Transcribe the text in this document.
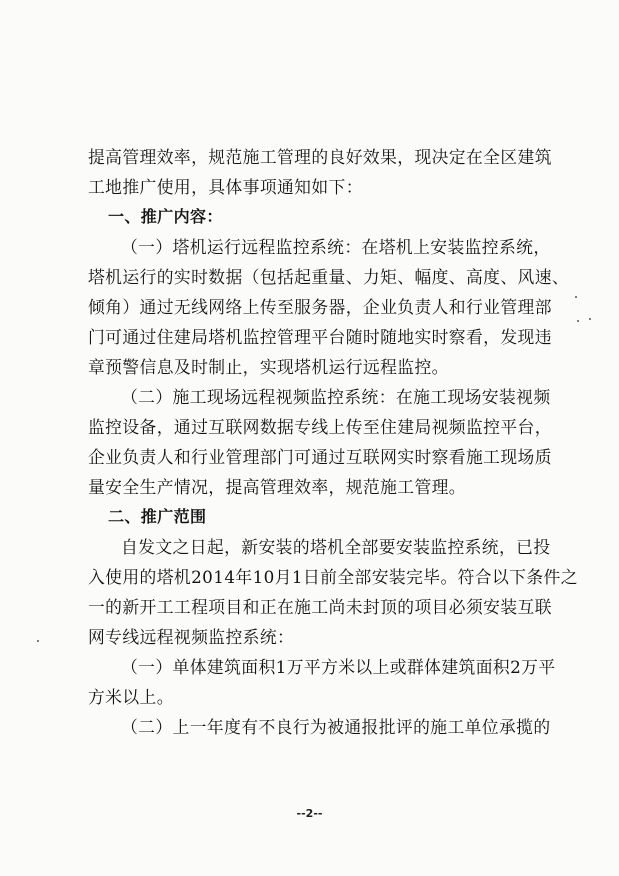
提高管理效率，规范施工管理的良好效果，现决定在全区建筑
工地推广使用，具体事项通知如下：
一、推广内容：
（一）塔机运行远程监控系统：在塔机上安装监控系统，
塔机运行的实时数据（包括起重量、力矩、幅度、高度、风速、
倾角）通过无线网络上传至服务器，企业负责人和行业管理部
门可通过住建局塔机监控管理平台随时随地实时察看，发现违
章预警信息及时制止，实现塔机运行远程监控。
（二）施工现场远程视频监控系统：在施工现场安装视频
监控设备，通过互联网数据专线上传至住建局视频监控平台，
企业负责人和行业管理部门可通过互联网实时察看施工现场质
量安全生产情况，提高管理效率，规范施工管理。
二、推广范围
自发文之日起，新安装的塔机全部要安装监控系统，已投
入使用的塔机2014年10月1日前全部安装完毕。符合以下条件之
一的新开工工程项目和正在施工尚未封顶的项目必须安装互联
网专线远程视频监控系统：
（一）单体建筑面积1万平方米以上或群体建筑面积2万平
方米以上。
（二）上一年度有不良行为被通报批评的施工单位承揽的
--2--
